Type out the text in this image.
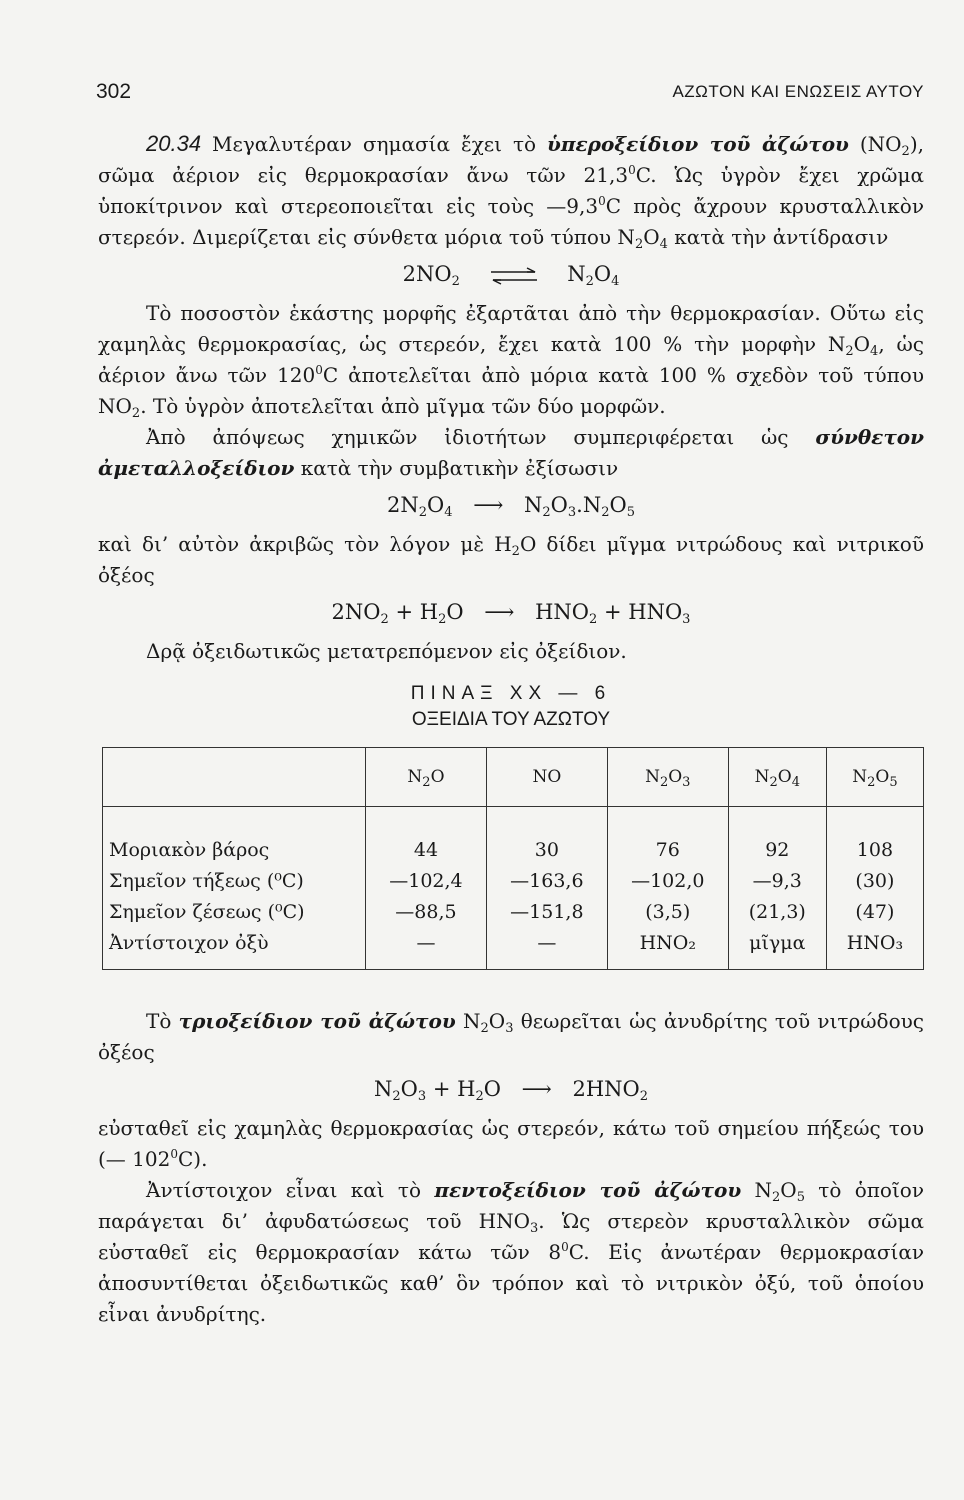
302	ΑΖΩΤΟΝ ΚΑΙ ΕΝΩΣΕΙΣ ΑΥΤΟΥ

20.34 Μεγαλυτέραν σημασία ἔχει τὸ ὑπεροξείδιον τοῦ ἀζώτου $(NO_2)$, σῶμα ἀέριον εἰς θερμοκρασίαν ἄνω τῶν 21,3$^0$C. Ὡς ὑγρὸν ἔχει χρῶμα ὑποκίτρινον καὶ στερεοποιεῖται εἰς τοὺς $—9,3^0C$ πρὸς ἄχρουν κρυσταλλικὸν στερεόν. Διμερίζεται εἰς σύνθετα μόρια τοῦ τύπου $N_2O_4$ κατὰ τὴν ἀντίδρασιν

$2NO_2$ ⇌ $N_2O_4$

Τὸ ποσοστὸν ἑκάστης μορφῆς ἐξαρτᾶται ἀπὸ τὴν θερμοκρασίαν. Οὕτω εἰς χαμηλὰς θερμοκρασίας, ὡς στερεόν, ἔχει κατὰ 100 % τὴν μορφὴν $N_2O_4$, ὡς ἀέριον ἄνω τῶν $120^0C$ ἀποτελεῖται ἀπὸ μόρια κατὰ 100 % σχεδὸν τοῦ τύπου $NO_2$. Τὸ ὑγρὸν ἀποτελεῖται ἀπὸ μῖγμα τῶν δύο μορφῶν.

Ἀπὸ ἀπόψεως χημικῶν ἰδιοτήτων συμπεριφέρεται ὡς σύνθετον ἀμεταλλοξείδιον κατὰ τὴν συμβατικὴν ἐξίσωσιν

$2N_2O_4$ ⟶ $N_2O_3.N_2O_5$

καὶ δι’ αὐτὸν ἀκριβῶς τὸν λόγον μὲ $H_2O$ δίδει μῖγμα νιτρώδους καὶ νιτρικοῦ ὀξέος

$2NO_2 + H_2O$ ⟶ $HNO_2 + HNO_3$

Δρᾷ ὀξειδωτικῶς μετατρεπόμενον εἰς ὀξείδιον.

ΠΙΝΑΞ XX — 6
ΟΞΕΙΔΙΑ ΤΟΥ ΑΖΩΤΟΥ
	$N_2O$	NO	$N_2O_3$	$N_2O_4$	$N_2O_5$
Μοριακὸν βάρος	44	30	76	92	108
Σημεῖον τήξεως (⁰C)	—102,4	—163,6	—102,0	—9,3	(30)
Σημεῖον ζέσεως (⁰C)	—88,5	—151,8	(3,5)	(21,3)	(47)
Ἀντίστοιχον ὀξὺ	—	—	HNO₂	μῖγμα	HNO₃

Τὸ τριοξείδιον τοῦ ἀζώτου $N_2O_3$ θεωρεῖται ὡς ἀνυδρίτης τοῦ νιτρώδους ὀξέος

$N_2O_3 + H_2O$ ⟶ $2HNO_2$

εὐσταθεῖ εἰς χαμηλὰς θερμοκρασίας ὡς στερεόν, κάτω τοῦ σημείου πήξεώς του (— $102^0C$).

Ἀντίστοιχον εἶναι καὶ τὸ πεντοξείδιον τοῦ ἀζώτου $N_2O_5$ τὸ ὁποῖον παράγεται δι’ ἀφυδατώσεως τοῦ $HNO_3$. Ὡς στερεὸν κρυσταλλικὸν σῶμα εὐσταθεῖ εἰς θερμοκρασίαν κάτω τῶν $8^0C$. Εἰς ἀνωτέραν θερμοκρασίαν ἀποσυντίθεται ὀξειδωτικῶς καθ’ ὃν τρόπον καὶ τὸ νιτρικὸν ὀξύ, τοῦ ὁποίου εἶναι ἀνυδρίτης.
